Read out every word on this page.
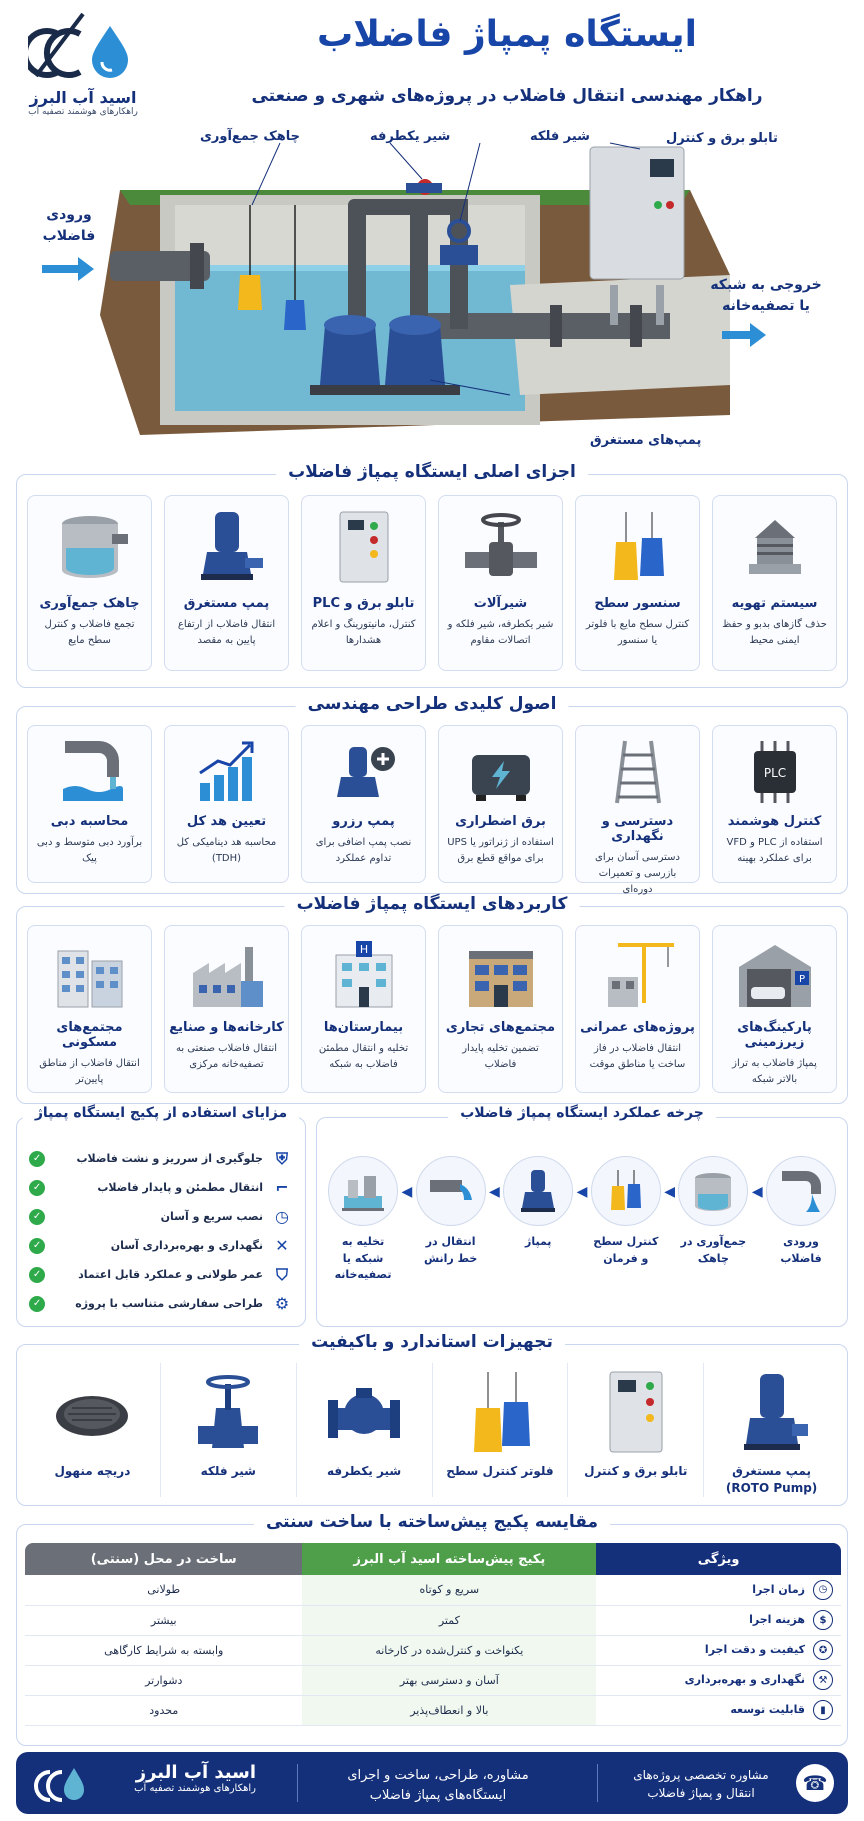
اسید آب البرز
راهکارهای هوشمند تصفیه آب
ایستگاه پمپاژ فاضلاب
راهکار مهندسی انتقال فاضلاب در پروژه‌های شهری و صنعتی
تابلو برق و کنترل
شیر فلکه
شیر یکطرفه
چاهک جمع‌آوری
پمپ‌های مستغرق
ورودی
فاضلاب
خروجی به شبکه
یا تصفیه‌خانه
اجزای اصلی ایستگاه پمپاژ فاضلاب
سیستم تهویه
حذف گازهای بدبو و حفظ ایمنی محیط
سنسور سطح
کنترل سطح مایع با فلوتر یا سنسور
شیرآلات
شیر یکطرفه، شیر فلکه و اتصالات مقاوم
تابلو برق و PLC
کنترل، مانیتورینگ و اعلام هشدارها
پمپ مستغرق
انتقال فاضلاب از ارتفاع پایین به مقصد
چاهک جمع‌آوری
تجمع فاضلاب و کنترل سطح مایع
اصول کلیدی طراحی مهندسی
PLC
کنترل هوشمند
استفاده از PLC و VFD برای عملکرد بهینه
دسترسی و نگهداری
دسترسی آسان برای بازرسی و تعمیرات دوره‌ای
برق اضطراری
استفاده از ژنراتور یا UPS برای مواقع قطع برق
پمپ رزرو
نصب پمپ اضافی برای تداوم عملکرد
تعیین هد کل
محاسبه هد دینامیکی کل (TDH)
محاسبه دبی
برآورد دبی متوسط و دبی پیک
کاربردهای ایستگاه پمپاژ فاضلاب
P
پارکینگ‌های زیرزمینی
پمپاژ فاضلاب به تراز بالاتر شبکه
پروژه‌های عمرانی
انتقال فاضلاب در فاز ساخت یا مناطق موقت
مجتمع‌های تجاری
تضمین تخلیه پایدار فاضلاب
H
بیمارستان‌ها
تخلیه و انتقال مطمئن فاضلاب به شبکه
کارخانه‌ها و صنایع
انتقال فاضلاب صنعتی به تصفیه‌خانه مرکزی
مجتمع‌های مسکونی
انتقال فاضلاب از مناطق پایین‌تر
مزایای استفاده از پکیج ایستگاه پمپاژ
⛨
جلوگیری از سرریز و نشت فاضلاب
✓
⌐
انتقال مطمئن و پایدار فاضلاب
✓
◷
نصب سریع و آسان
✓
✕
نگهداری و بهره‌برداری آسان
✓
⛉
عمر طولانی و عملکرد قابل اعتماد
✓
⚙
طراحی سفارشی متناسب با پروژه
✓
چرخه عملکرد ایستگاه پمپاژ فاضلاب
ورودی فاضلاب
◀
جمع‌آوری در چاهک
◀
کنترل سطح و فرمان
◀
پمپاژ
◀
انتقال در خط رانش
◀
تخلیه به شبکه یا تصفیه‌خانه
تجهیزات استاندارد و باکیفیت
پمپ مستغرق
(ROTO Pump)
تابلو برق و کنترل
فلوتر کنترل سطح
شیر یکطرفه
شیر فلکه
دریچه منهول
مقایسه پکیج پیش‌ساخته با ساخت سنتی
ویژگی	پکیج پیش‌ساخته اسید آب البرز	ساخت در محل (سنتی)
◷زمان اجرا	سریع و کوتاه	طولانی
$هزینه اجرا	کمتر	بیشتر
✪کیفیت و دقت اجرا	یکنواخت و کنترل‌شده در کارخانه	وابسته به شرایط کارگاهی
⚒نگهداری و بهره‌برداری	آسان و دسترسی بهتر	دشوارتر
▮قابلیت توسعه	بالا و انعطاف‌پذیر	محدود
☎
مشاوره تخصصی پروژه‌های
انتقال و پمپاژ فاضلاب
مشاوره، طراحی، ساخت و اجرای
ایستگاه‌های پمپاژ فاضلاب
اسید آب البرز
راهکارهای هوشمند تصفیه آب
